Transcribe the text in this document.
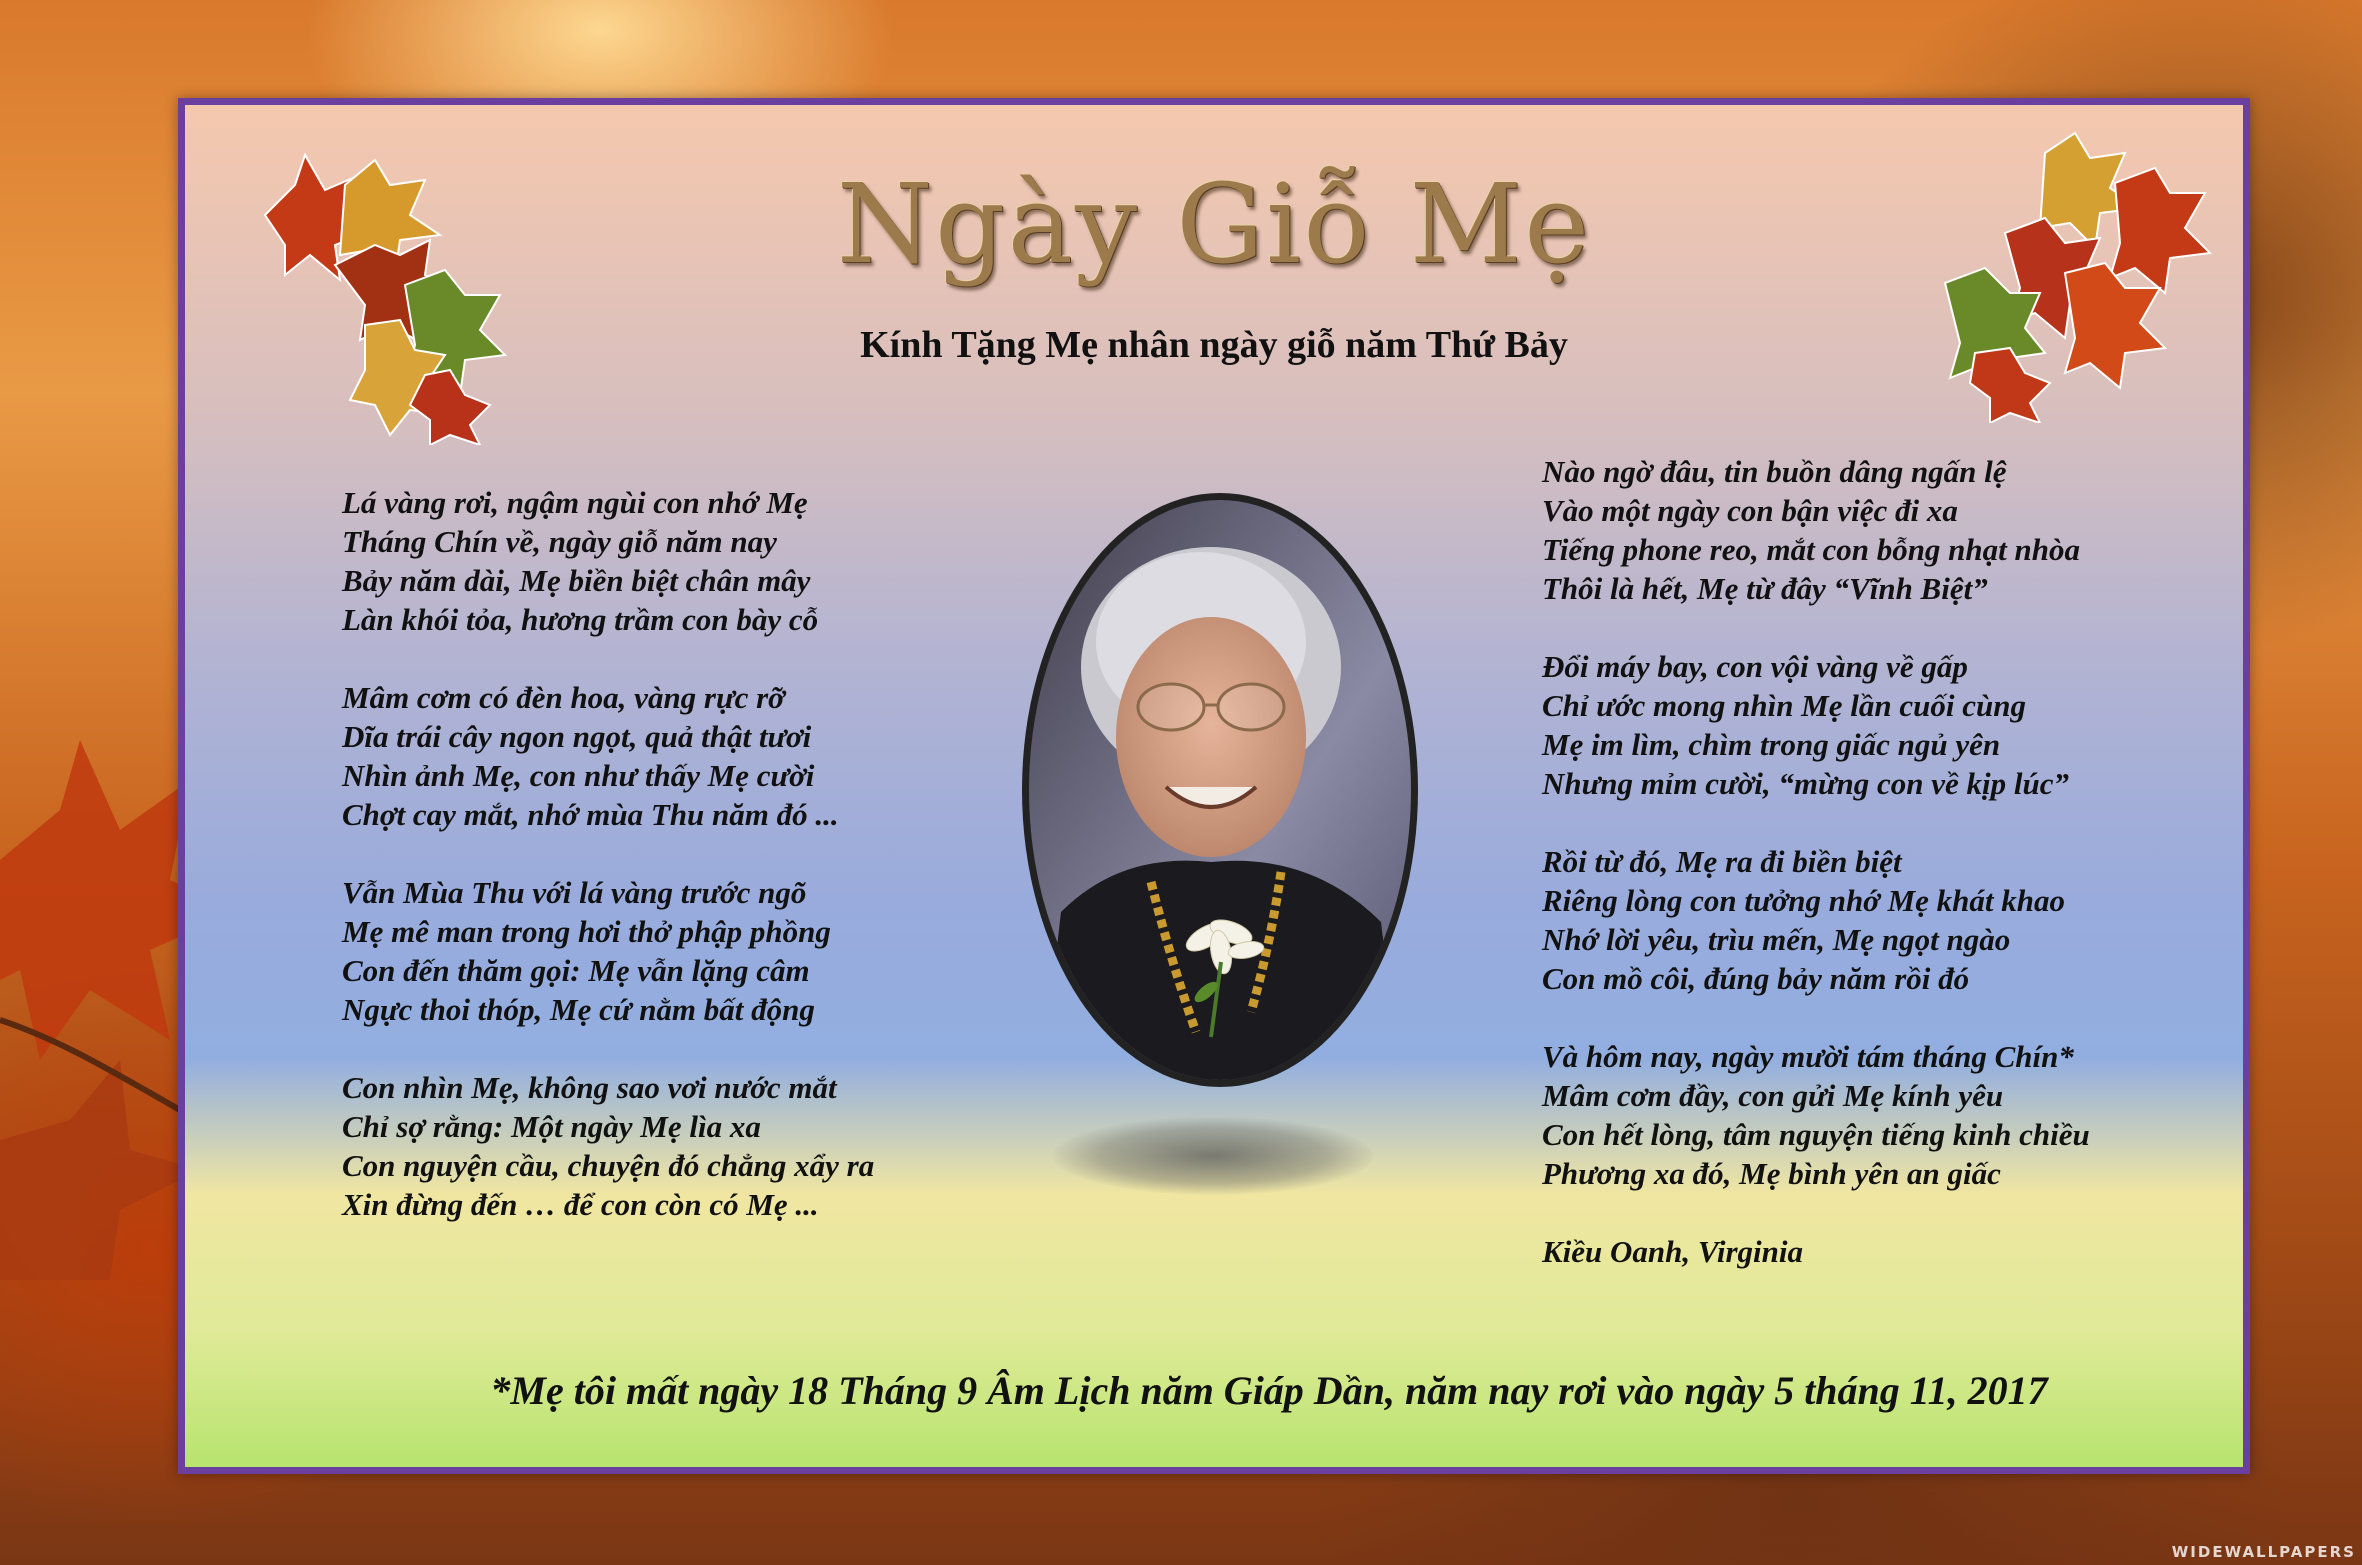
WIDEWALLPAPERS
Ngày Giỗ Mẹ
Kính Tặng Mẹ nhân ngày giỗ năm Thứ Bảy
Lá vàng rơi, ngậm ngùi con nhớ Mẹ
Tháng Chín về, ngày giỗ năm nay
Bảy năm dài, Mẹ biền biệt chân mây
Làn khói tỏa, hương trầm con bày cỗ
Mâm cơm có đèn hoa, vàng rực rỡ
Dĩa trái cây ngon ngọt, quả thật tươi
Nhìn ảnh Mẹ, con như thấy Mẹ cười
Chợt cay mắt, nhớ mùa Thu năm đó ...
Vẫn Mùa Thu với lá vàng trước ngõ
Mẹ mê man trong hơi thở phập phồng
Con đến thăm gọi: Mẹ vẫn lặng câm
Ngực thoi thóp, Mẹ cứ nằm bất động
Con nhìn Mẹ, không sao vơi nước mắt
Chỉ sợ rằng: Một ngày Mẹ lìa xa
Con nguyện cầu, chuyện đó chẳng xẩy ra
Xin đừng đến … để con còn có Mẹ ...
Nào ngờ đâu, tin buồn dâng ngấn lệ
Vào một ngày con bận việc đi xa
Tiếng phone reo, mắt con bỗng nhạt nhòa
Thôi là hết, Mẹ từ đây “Vĩnh Biệt”
Đổi máy bay, con vội vàng về gấp
Chỉ ước mong nhìn Mẹ lần cuối cùng
Mẹ im lìm, chìm trong giấc ngủ yên
Nhưng mỉm cười, “mừng con về kịp lúc”
Rồi từ đó, Mẹ ra đi biền biệt
Riêng lòng con tưởng nhớ Mẹ khát khao
Nhớ lời yêu, trìu mến, Mẹ ngọt ngào
Con mồ côi, đúng bảy năm rồi đó
Và hôm nay, ngày mười tám tháng Chín*
Mâm cơm đầy, con gửi Mẹ kính yêu
Con hết lòng, tâm nguyện tiếng kinh chiều
Phương xa đó, Mẹ bình yên an giấc
Kiều Oanh, Virginia
*Mẹ tôi mất ngày 18 Tháng 9 Âm Lịch năm Giáp Dần, năm nay rơi vào ngày 5 tháng 11, 2017
